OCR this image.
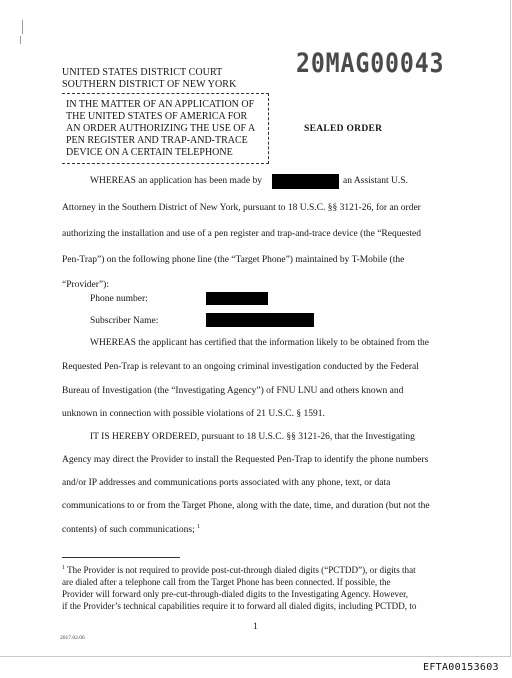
UNITED STATES DISTRICT COURT
SOUTHERN DISTRICT OF NEW YORK
20MAG00043
IN THE MATTER OF AN APPLICATION OF
THE UNITED STATES OF AMERICA FOR
AN ORDER AUTHORIZING THE USE OF A
PEN REGISTER AND TRAP-AND-TRACE
DEVICE ON A CERTAIN TELEPHONE
SEALED ORDER
WHEREAS an application has been made by	an Assistant U.S.
Attorney in the Southern District of New York, pursuant to 18 U.S.C. §§ 3121-26, for an order
authorizing the installation and use of a pen register and trap-and-trace device (the “Requested
Pen-Trap”) on the following phone line (the “Target Phone”) maintained by T-Mobile (the
“Provider”):
Phone number:
Subscriber Name:
WHEREAS the applicant has certified that the information likely to be obtained from the
Requested Pen-Trap is relevant to an ongoing criminal investigation conducted by the Federal
Bureau of Investigation (the “Investigating Agency”) of FNU LNU and others known and
unknown in connection with possible violations of 21 U.S.C. § 1591.
IT IS HEREBY ORDERED, pursuant to 18 U.S.C. §§ 3121-26, that the Investigating
Agency may direct the Provider to install the Requested Pen-Trap to identify the phone numbers
and/or IP addresses and communications ports associated with any phone, text, or data
communications to or from the Target Phone, along with the date, time, and duration (but not the
contents) of such communications; $^1$
$^1$ The Provider is not required to provide post-cut-through dialed digits (“PCTDD”), or digits that
are dialed after a telephone call from the Target Phone has been connected. If possible, the
Provider will forward only pre-cut-through-dialed digits to the Investigating Agency. However,
if the Provider’s technical capabilities require it to forward all dialed digits, including PCTDD, to
1
2017.02.06
EFTA00153603
